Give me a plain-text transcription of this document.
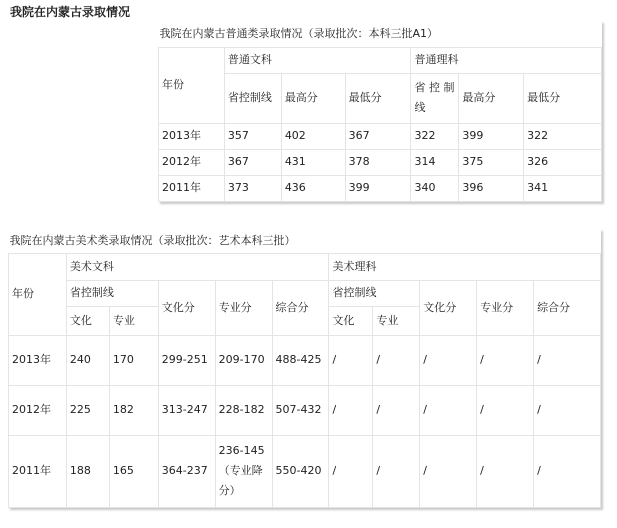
我院在内蒙古录取情况
我院在内蒙古普通类录取情况（录取批次：本科三批A1）						
年份	普通文科			普通理科		
	省控制线	最高分	最低分	省 控 制 线	最高分	最低分
2013年	357	402	367	322	399	322
2012年	367	431	378	314	375	326
2011年	373	436	399	340	396	341
我院在内蒙古美术类录取情况（录取批次：艺术本科三批）										
年份	美术文科					美术理科				
	省控制线		文化分	专业分	综合分	省控制线		文化分	专业分	综合分
	文化	专业				文化	专业			
2013年	240	170	299-251	209-170	488-425	/	/	/	/	/
2012年	225	182	313-247	228-182	507-432	/	/	/	/	/
2011年	188	165	364-237	236-145（专业降分）	550-420	/	/	/	/	/
